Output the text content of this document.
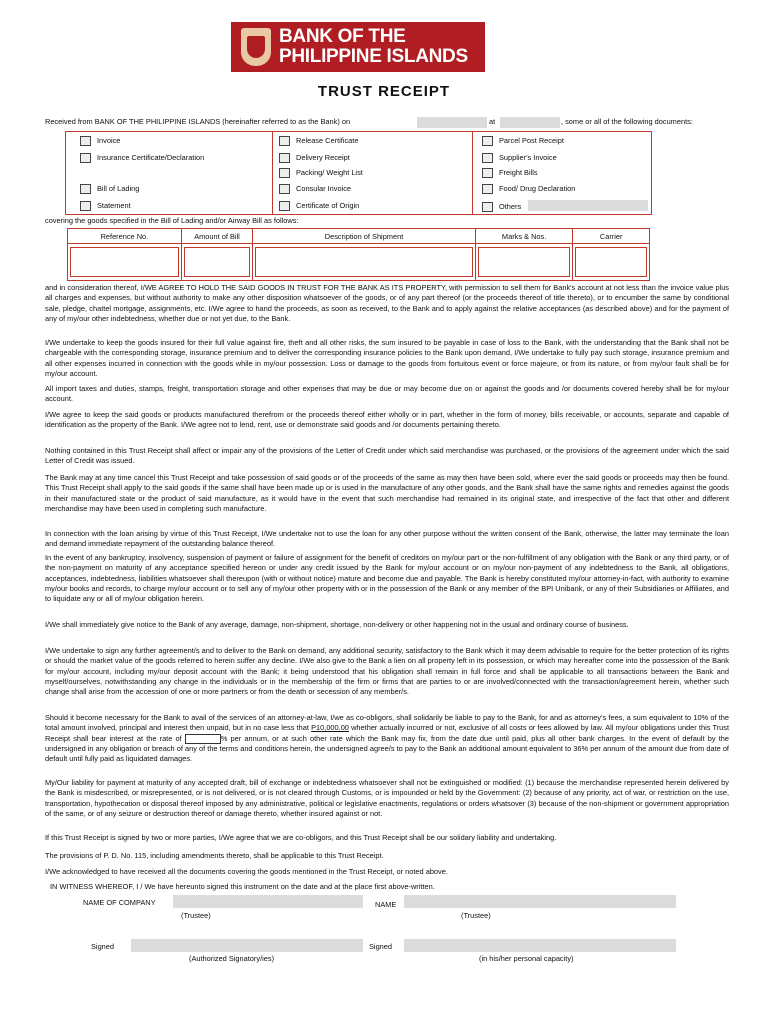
BANK OF THE
PHILIPPINE ISLANDS
TRUST RECEIPT
Received from BANK OF THE PHILIPPINE ISLANDS (hereinafter referred to as the Bank) on	at	, some or all of the following documents:
Invoice
Insurance Certificate/Declaration
Bill of Lading
Statement
Release Certificate
Delivery Receipt
Packing/ Weight List
Consular Invoice
Certificate of Origin
Parcel Post Receipt
Supplier's Invoice
Freight Bills
Food/ Drug Declaration
Others
covering the goods specified in the Bill of Lading and/or Airway Bill as follows:
Reference No.	Amount of Bill	Description of Shipment	Marks & Nos.	Carrier

and in consideration thereof, I/WE AGREE TO HOLD THE SAID GOODS IN TRUST FOR THE BANK AS ITS PROPERTY, with permission to sell them for Bank's account at not less than the invoice value plus all charges and expenses, but without authority to make any other disposition whatsoever of the goods, or of any part thereof (or the proceeds thereof of title thereto), or to encumber the same by conditional sale, pledge, chattel mortgage, assignments, etc. I/We agree to hand the proceeds, as soon as received, to the Bank and to apply against the relative acceptances (as described above) and for the payment of any of my/our other indebtedness, whether due or not yet due, to the Bank.
I/We undertake to keep the goods insured for their full value against fire, theft and all other risks, the sum insured to be payable in case of loss to the Bank, with the understanding that the Bank shall not be chargeable with the corresponding storage, insurance premium and to deliver the corresponding insurance policies to the Bank upon demand, I/We undertake to fully pay such storage, insurance premium and all other expenses incurred in connection with the goods while in my/our possession. Loss or damage to the goods from fortuitous event or force majeure, or from its nature, or from my/our fault shall be for my/our account.
All import taxes and duties, stamps, freight, transportation storage and other expenses that may be due or may become due on or against the goods and /or documents covered hereby shall be for my/our account.
I/We agree to keep the said goods or products manufactured therefrom or the proceeds thereof either wholly or in part, whether in the form of money, bills receivable, or accounts, separate and capable of identification as the property of the Bank. I/We agree not to lend, rent, use or demonstrate said goods and /or documents pertaining thereto.
Nothing contained in this Trust Receipt shall affect or impair any of the provisions of the Letter of Credit under which said merchandise was purchased, or the provisions of the agreement under which the said Letter of Credit was issued.
The Bank may at any time cancel this Trust Receipt and take possession of said goods or of the proceeds of the same as may then have been sold, where ever the said goods or proceeds may then be found. This Trust Receipt shall apply to the said goods if the same shall have been made up or is used in the manufacture of any other goods, and the Bank shall have the same rights and remedies against the goods in their manufactured state or the product of said manufacture, as it would have in the event that such merchandise had remained in its original state, and irrespective of the fact that other and different merchandise may have been used in completing such manufacture.
In connection with the loan arising by virtue of this Trust Receipt, I/We undertake not to use the loan for any other purpose without the written consent of the Bank, otherwise, the latter may terminate the loan and demand immediate repayment of the outstanding balance thereof.
In the event of any bankruptcy, insolvency, suspension of payment or failure of assignment for the benefit of creditors on my/our part or the non-fulfillment of any obligation with the Bank or any third party, or of the non-payment on maturity of any acceptance specified hereon or under any credit issued by the Bank for my/our account or on my/our non-payment of any indebtedness to the Bank, all obligations, acceptances, indebtedness, liabilities whatsoever shall thereupon (with or without notice) mature and become due and payable. The Bank is hereby constituted my/our attorney-in-fact, with authority to examine my/our books and records, to charge my/our account or to sell any of my/our other property with or in the possession of the Bank or any member of the BPI Unibank, or any of their Subsidiaries or Affiliates, and to liquidate any or all of my/our obligation herein.
I/We shall immediately give notice to the Bank of any average, damage, non-shipment, shortage, non-delivery or other happening not in the usual and ordinary course of business.
I/We undertake to sign any further agreement/s and to deliver to the Bank on demand, any additional security, satisfactory to the Bank which it may deem advisable to require for the better protection of its rights or should the market value of the goods referred to herein suffer any decline. I/We also give to the Bank a lien on all property left in its possession, or which may hereafter come into the possession of the Bank for my/our account, including my/our deposit account with the Bank; it being understood that his obligation shall remain in full force and shall be applicable to all transactions between the Bank and myself/ourselves, notwithstanding any change in the individuals or in the membership of the firm or firms that are parties to or are involved/connected with the transaction/agreement herein, whether such change shall arise from the accession of one or more partners or from the death or secession of any member/s.
Should it become necessary for the Bank to avail of the services of an attorney-at-law, I/we as co-obligors, shall solidarily be liable to pay to the Bank, for and as attorney's fees, a sum equivalent to 10% of the total amount involved, principal and interest then unpaid, but in no case less that P10,000.00 whether actually incurred or not, exclusive of all costs or fees allowed by law. All my/our obligations under this Trust Receipt shall bear interest at the rate of	% per annum, or at such other rate which the Bank may fix, from the date due until paid, plus all other bank charges. In the event of default by the undersigned in any obligation or breach of any of the terms and conditions herein, the undersigned agree/s to pay to the Bank an additional amount equivalent to 36% per annum of the amount due from date of default until fully paid as liquidated damages.
My/Our liability for payment at maturity of any accepted draft, bill of exchange or indebtedness whatsoever shall not be extinguished or modified: (1) because the merchandise represented herein delivered by the Bank is misdescribed, or misrepresented, or is not delivered, or is not cleared through Customs, or is impounded or held by the Government: (2) because of any priority, act of war, or restriction on the use, transportation, hypothecation or disposal thereof imposed by any administrative, political or legislative enactments, regulations or orders whatsover (3) because of the non-shipment or government appropriation of the same, or of any seizure or destruction thereof or damage thereto, whether insured against or not.
If this Trust Receipt is signed by two or more parties, I/We agree that we are co-obligors, and this Trust Receipt shall be our solidary liability and undertaking.
The provisions of P. D. No. 115, including amendments thereto, shall be applicable to this Trust Receipt.
I/We acknowledged to have received all the documents covering the goods mentioned in the Trust Receipt, or noted above.
IN WITNESS WHEREOF, I / We have hereunto signed this instrument on the date and at the place first above-written.
NAME OF COMPANY
(Trustee)
NAME
(Trustee)
Signed
(Authorized Signatory/ies)
Signed
(in his/her personal capacity)
